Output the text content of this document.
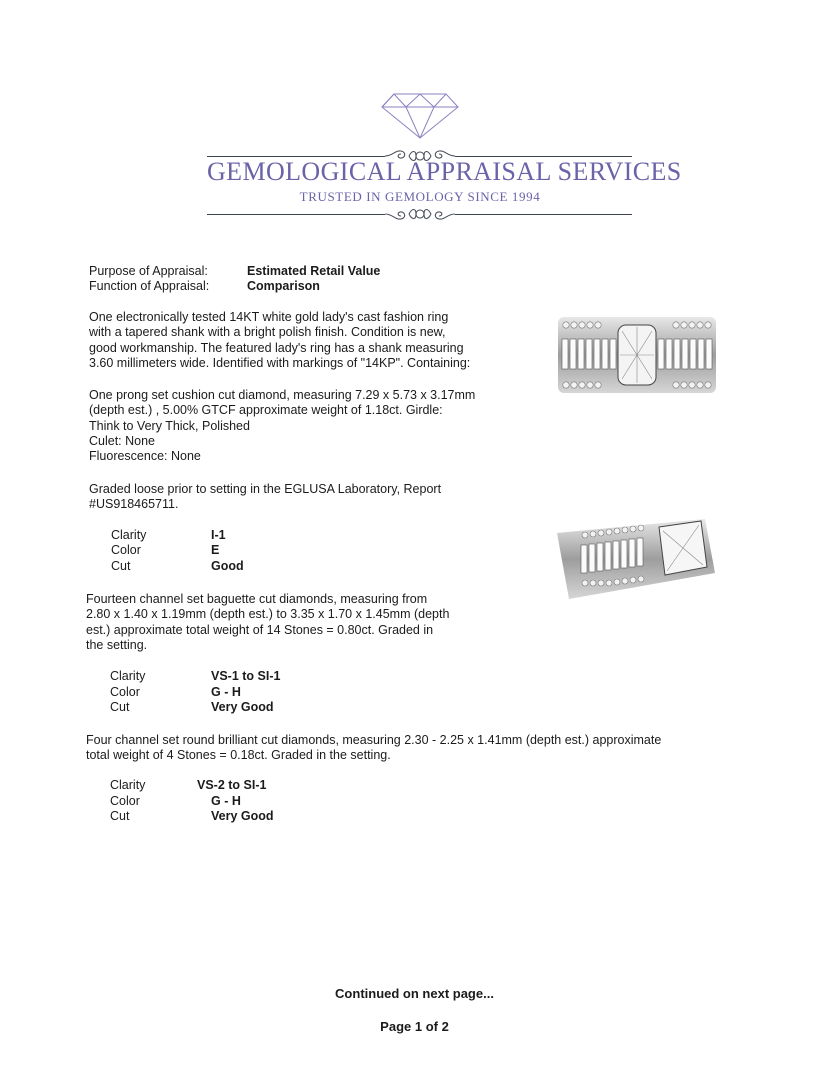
GEMOLOGICAL APPRAISAL SERVICES
TRUSTED IN GEMOLOGY SINCE 1994
Purpose of Appraisal:	Estimated Retail Value
Function of Appraisal:	Comparison
One electronically tested 14KT white gold lady's cast fashion ring
with a tapered shank with a bright polish finish. Condition is new,
good workmanship. The featured lady's ring has a shank measuring
3.60 millimeters wide. Identified with markings of "14KP". Containing:
One prong set cushion cut diamond, measuring 7.29 x 5.73 x 3.17mm
(depth est.) , 5.00% GTCF approximate weight of 1.18ct. Girdle:
Think to Very Thick, Polished
Culet: None
Fluorescence: None
Graded loose prior to setting in the EGLUSA Laboratory, Report
#US918465711.
Clarity	I-1
Color	E
Cut	Good
Fourteen channel set baguette cut diamonds, measuring from
2.80 x 1.40 x 1.19mm (depth est.) to 3.35 x 1.70 x 1.45mm (depth
est.) approximate total weight of 14 Stones = 0.80ct. Graded in
the setting.
Clarity	VS-1 to SI-1
Color	G - H
Cut	Very Good
Four channel set round brilliant cut diamonds, measuring 2.30 - 2.25 x 1.41mm (depth est.) approximate
total weight of 4 Stones = 0.18ct. Graded in the setting.
Clarity	VS-2 to SI-1
Color	G - H
Cut	Very Good
Continued on next page...
Page 1 of 2
